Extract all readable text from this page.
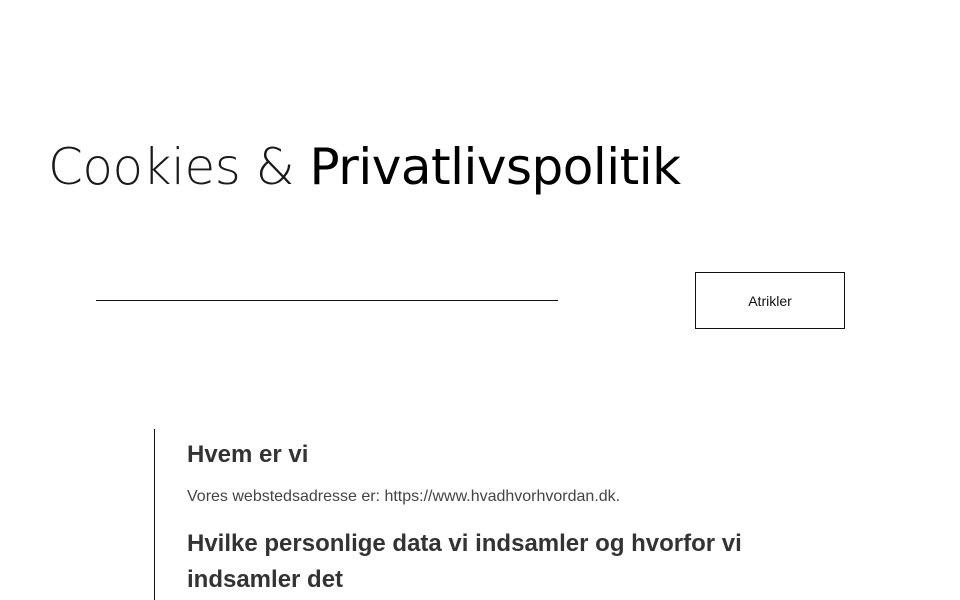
Cookies & Privatlivspolitik
Atrikler
Hvem er vi

Vores webstedsadresse er: https://www.hvadhvorhvordan.dk.

Hvilke personlige data vi indsamler og hvorfor vi indsamler det
